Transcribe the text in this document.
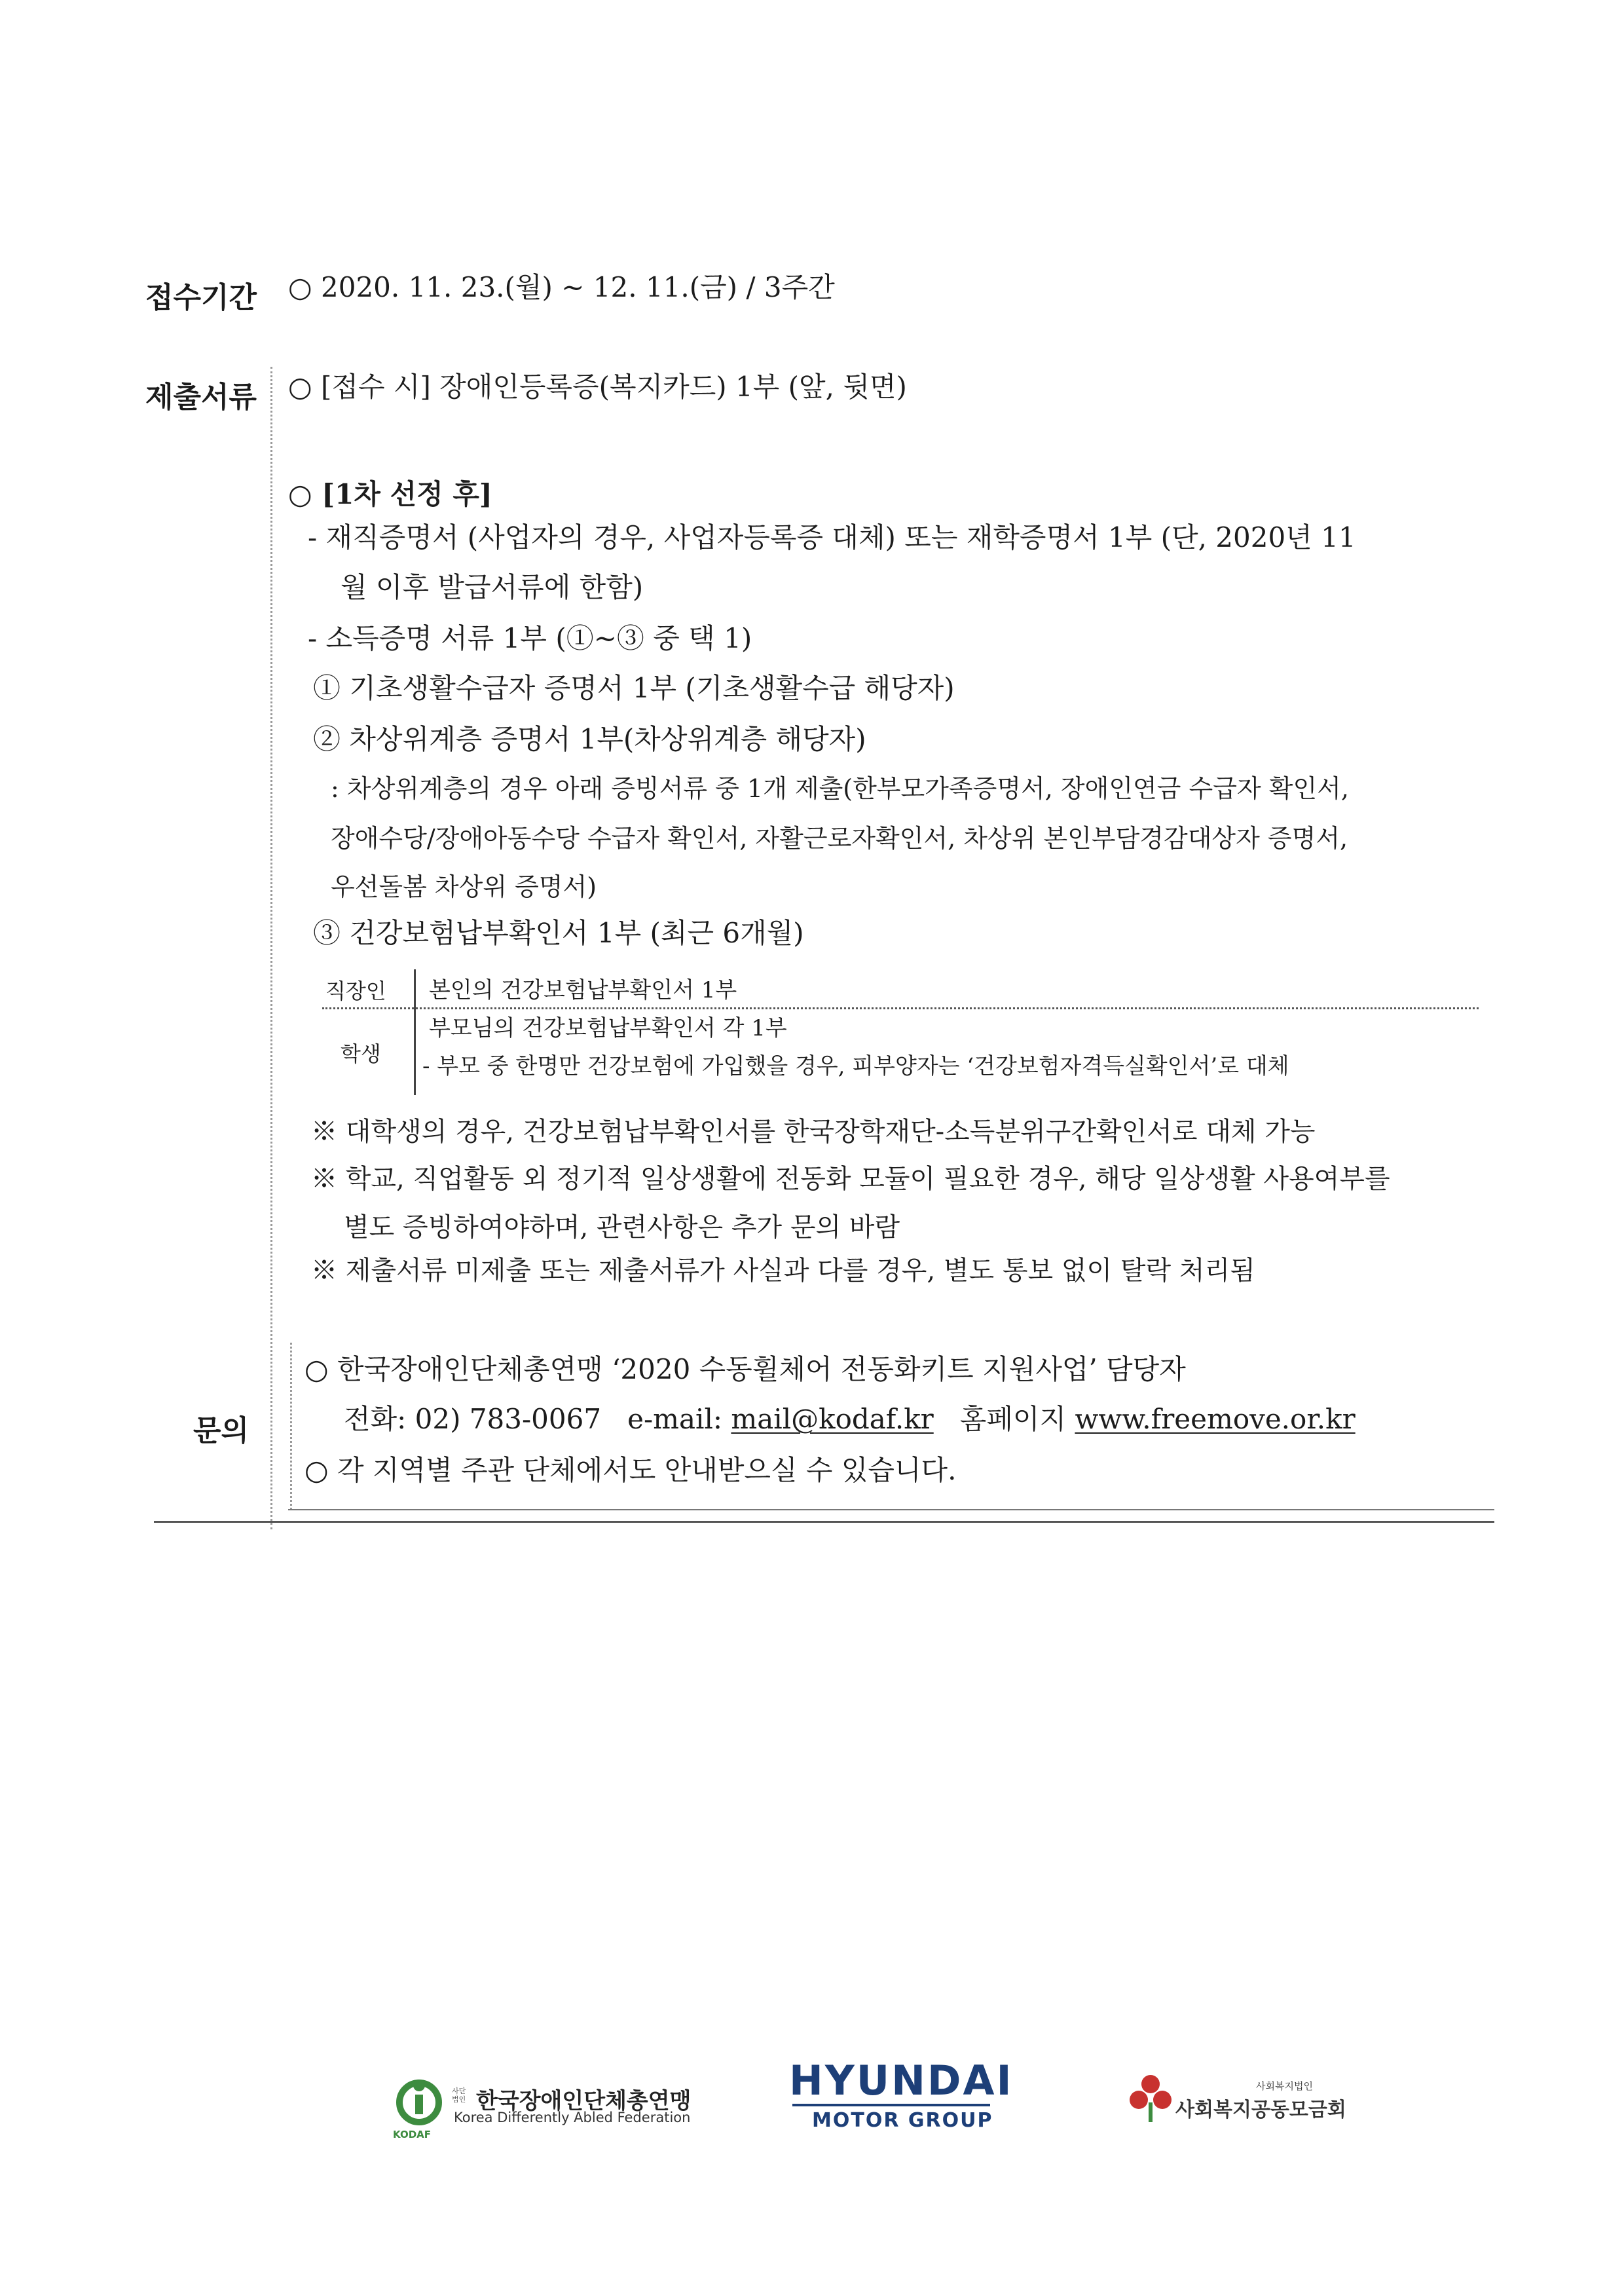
접수기간 ○ 2020. 11. 23.(월) ~ 12. 11.(금) / 3주간
제출서류 ○ [접수 시] 장애인등록증(복지카드) 1부 (앞, 뒷면)
○ [1차 선정 후]
- 재직증명서 (사업자의 경우, 사업자등록증 대체) 또는 재학증명서 1부 (단, 2020년 11
월 이후 발급서류에 한함)
- 소득증명 서류 1부 (①~③ 중 택 1)
① 기초생활수급자 증명서 1부 (기초생활수급 해당자)
② 차상위계층 증명서 1부(차상위계층 해당자)
: 차상위계층의 경우 아래 증빙서류 중 1개 제출(한부모가족증명서, 장애인연금 수급자 확인서,
장애수당/장애아동수당 수급자 확인서, 자활근로자확인서, 차상위 본인부담경감대상자 증명서,
우선돌봄 차상위 증명서)
③ 건강보험납부확인서 1부 (최근 6개월)
직장인 본인의 건강보험납부확인서 1부
학생
부모님의 건강보험납부확인서 각 1부
- 부모 중 한명만 건강보험에 가입했을 경우, 피부양자는 ‘건강보험자격득실확인서’로 대체
※ 대학생의 경우, 건강보험납부확인서를 한국장학재단-소득분위구간확인서로 대체 가능
※ 학교, 직업활동 외 정기적 일상생활에 전동화 모듈이 필요한 경우, 해당 일상생활 사용여부를
별도 증빙하여야하며, 관련사항은 추가 문의 바람
※ 제출서류 미제출 또는 제출서류가 사실과 다를 경우, 별도 통보 없이 탈락 처리됨
문의
○ 한국장애인단체총연맹 ‘2020 수동휠체어 전동화키트 지원사업’ 담당자
전화: 02) 783-0067   e-mail: mail@kodaf.kr   홈페이지 www.freemove.or.kr
○ 각 지역별 주관 단체에서도 안내받으실 수 있습니다.
KODAF
사단법인 한국장애인단체총연맹
Korea Differently Abled Federation
HYUNDAI
MOTOR GROUP
사회복지법인
사회복지공동모금회
